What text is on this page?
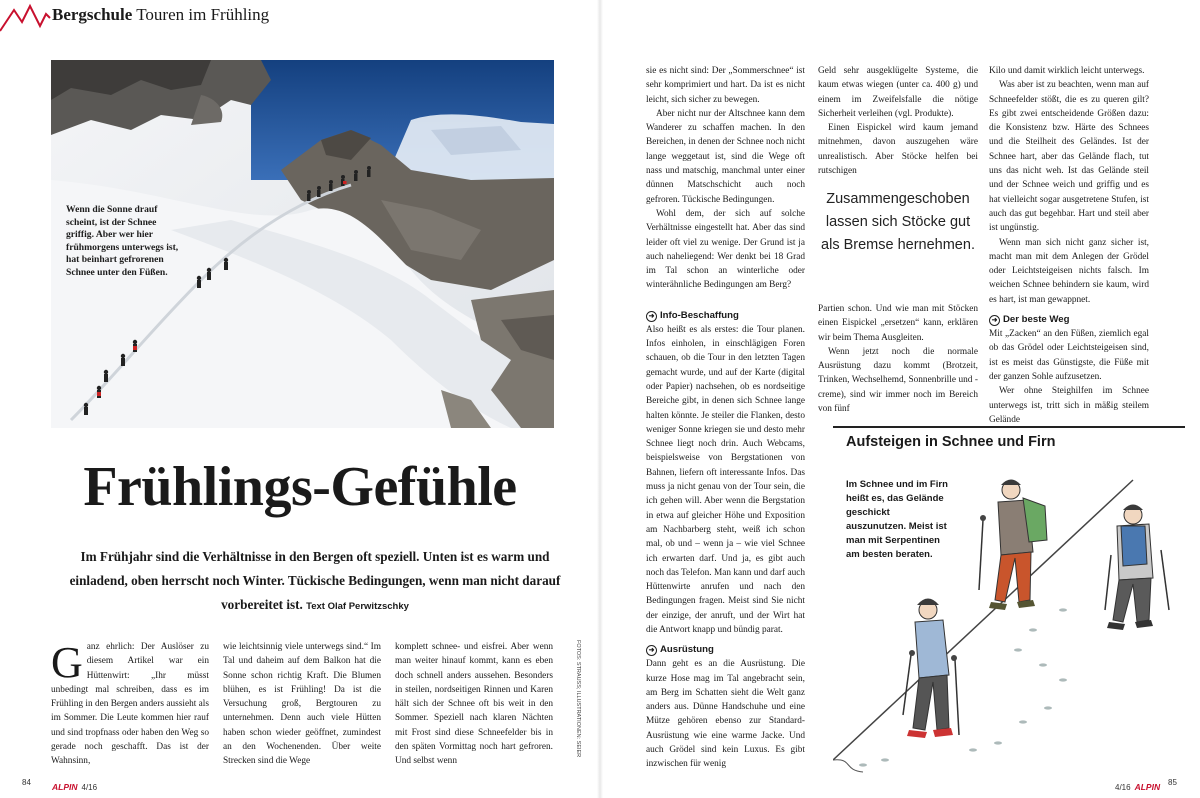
Bergschule Touren im Frühling
Wenn die Sonne drauf scheint, ist der Schnee griffig. Aber wer hier frühmorgens unterwegs ist, hat beinhart gefrorenen Schnee unter den Füßen.
Frühlings-Gefühle
Im Frühjahr sind die Verhältnisse in den Bergen oft speziell. Unten ist es warm und einladend, oben herrscht noch Winter. Tückische Bedingungen, wenn man nicht darauf vorbereitet ist. Text Olaf Perwitzschky

Ganz ehrlich: Der Auslöser zu diesem Artikel war ein Hüttenwirt: „Ihr müsst unbedingt mal schreiben, dass es im Frühling in den Bergen anders aussieht als im Sommer. Die Leute kommen hier rauf und sind tropfnass oder haben den Weg so gerade noch geschafft. Das ist der Wahnsinn,

wie leichtsinnig viele unterwegs sind.“ Im Tal und daheim auf dem Balkon hat die Sonne schon richtig Kraft. Die Blumen blühen, es ist Frühling! Da ist die Versuchung groß, Bergtouren zu unternehmen. Denn auch viele Hütten haben schon wieder geöffnet, zumindest an den Wochenenden. Über weite Strecken sind die Wege

komplett schnee- und eisfrei. Aber wenn man weiter hinauf kommt, kann es eben doch schnell anders aussehen. Besonders in steilen, nordseitigen Rinnen und Karen hält sich der Schnee oft bis weit in den Sommer. Speziell nach klaren Nächten mit Frost sind diese Schneefelder bis in den späten Vormittag noch hart gefroren. Und selbst wenn

FOTOS: STRAUSS; ILLUSTRATIONEN: SEIER
84 ALPIN 4/16

sie es nicht sind: Der „Sommerschnee“ ist sehr komprimiert und hart. Da ist es nicht leicht, sich sicher zu bewegen.

Aber nicht nur der Altschnee kann dem Wanderer zu schaffen machen. In den Bereichen, in denen der Schnee noch nicht lange weggetaut ist, sind die Wege oft nass und matschig, manchmal unter einer dünnen Matschschicht auch noch gefroren. Tückische Bedingungen.

Wohl dem, der sich auf solche Verhältnisse eingestellt hat. Aber das sind leider oft viel zu wenige. Der Grund ist ja auch naheliegend: Wer denkt bei 18 Grad im Tal schon an winterliche oder winterähnliche Bedingungen am Berg?

➜ Info-Beschaffung

Also heißt es als erstes: die Tour planen. Infos einholen, in einschlägigen Foren schauen, ob die Tour in den letzten Tagen gemacht wurde, und auf der Karte (digital oder Papier) nachsehen, ob es nordseitige Bereiche gibt, in denen sich Schnee lange halten könnte. Je steiler die Flanken, desto weniger Sonne kriegen sie und desto mehr Schnee liegt noch drin. Auch Webcams, beispielsweise von Bergstationen von Bahnen, liefern oft interessante Infos. Das muss ja nicht genau von der Tour sein, die ich gehen will. Aber wenn die Bergstation in etwa auf gleicher Höhe und Exposition am Nachbarberg steht, weiß ich schon mal, ob und – wenn ja – wie viel Schnee ich erwarten darf. Und ja, es gibt auch noch das Telefon. Man kann und darf auch Hüttenwirte anrufen und nach den Bedingungen fragen. Meist sind Sie nicht der einzige, der anruft, und der Wirt hat die Antwort knapp und bündig parat.

➜ Ausrüstung

Dann geht es an die Ausrüstung. Die kurze Hose mag im Tal angebracht sein, am Berg im Schatten sieht die Welt ganz anders aus. Dünne Handschuhe und eine Mütze gehören ebenso zur Standard-Ausrüstung wie eine warme Jacke. Und auch Grödel sind kein Luxus. Es gibt inzwischen für wenig

Geld sehr ausgeklügelte Systeme, die kaum etwas wiegen (unter ca. 400 g) und einem im Zweifelsfalle die nötige Sicherheit verleihen (vgl. Produkte).

Einen Eispickel wird kaum jemand mitnehmen, davon auszugehen wäre unrealistisch. Aber Stöcke helfen bei rutschigen

Zusammengeschoben lassen sich Stöcke gut als Bremse hernehmen.

Partien schon. Und wie man mit Stöcken einen Eispickel „ersetzen“ kann, erklären wir beim Thema Ausgleiten.

Wenn jetzt noch die normale Ausrüstung dazu kommt (Brotzeit, Trinken, Wechselhemd, Sonnenbrille und -creme), sind wir immer noch im Bereich von fünf

Kilo und damit wirklich leicht unterwegs.

Was aber ist zu beachten, wenn man auf Schneefelder stößt, die es zu queren gilt? Es gibt zwei entscheidende Größen dazu: die Konsistenz bzw. Härte des Schnees und die Steilheit des Geländes. Ist der Schnee hart, aber das Gelände flach, tut uns das nicht weh. Ist das Gelände steil und der Schnee weich und griffig und es hat vielleicht sogar ausgetretene Stufen, ist auch das gut begehbar. Hart und steil aber ist ungünstig.

Wenn man sich nicht ganz sicher ist, macht man mit dem Anlegen der Grödel oder Leichtsteigeisen nichts falsch. Im weichen Schnee behindern sie kaum, wird es hart, ist man gewappnet.

➜ Der beste Weg

Mit „Zacken“ an den Füßen, ziemlich egal ob das Grödel oder Leichtsteigeisen sind, ist es meist das Günstigste, die Füße mit der ganzen Sohle aufzusetzen.

Wer ohne Steighilfen im Schnee unterwegs ist, tritt sich in mäßig steilem Gelände

Aufsteigen in Schnee und Firn
Im Schnee und im Firn heißt es, das Gelände geschickt auszunutzen. Meist ist man mit Serpentinen am besten beraten.
4/16 ALPIN 85
